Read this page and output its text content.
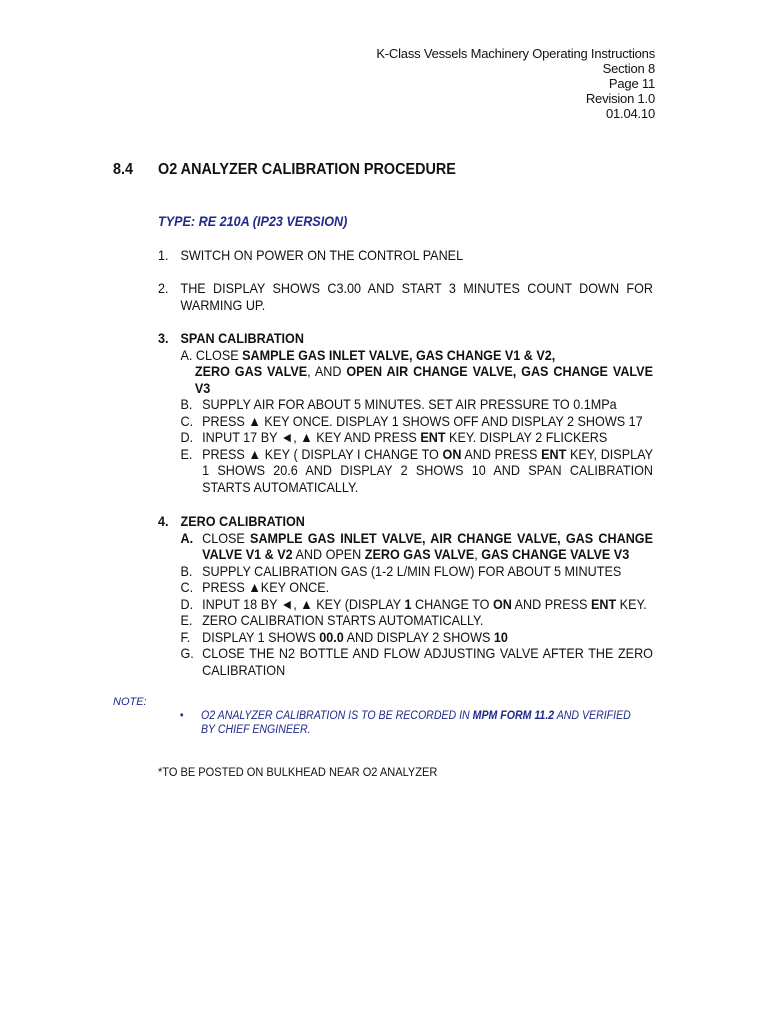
K-Class Vessels Machinery Operating Instructions
Section 8
Page 11
Revision 1.0
01.04.10
8.4 O2 ANALYZER CALIBRATION PROCEDURE
TYPE: RE 210A (IP23 VERSION)
1. SWITCH ON POWER ON THE CONTROL PANEL
2. THE DISPLAY SHOWS C3.00 AND START 3 MINUTES COUNT DOWN FOR WARMING UP.
3. SPAN CALIBRATION
A. CLOSE SAMPLE GAS INLET VALVE, GAS CHANGE V1 & V2,
ZERO GAS VALVE, AND OPEN AIR CHANGE VALVE, GAS CHANGE VALVE V3
B. SUPPLY AIR FOR ABOUT 5 MINUTES. SET AIR PRESSURE TO 0.1MPa
C. PRESS ▲ KEY ONCE. DISPLAY 1 SHOWS OFF AND DISPLAY 2 SHOWS 17
D. INPUT 17 BY ◄, ▲ KEY AND PRESS ENT KEY. DISPLAY 2 FLICKERS
E. PRESS ▲ KEY ( DISPLAY I CHANGE TO ON AND PRESS ENT KEY, DISPLAY 1 SHOWS 20.6 AND DISPLAY 2 SHOWS 10 AND SPAN CALIBRATION STARTS AUTOMATICALLY.
4. ZERO CALIBRATION
A. CLOSE SAMPLE GAS INLET VALVE, AIR CHANGE VALVE, GAS CHANGE VALVE V1 & V2 AND OPEN ZERO GAS VALVE, GAS CHANGE VALVE V3
B. SUPPLY CALIBRATION GAS (1-2 L/MIN FLOW) FOR ABOUT 5 MINUTES
C. PRESS ▲KEY ONCE.
D. INPUT 18 BY ◄, ▲ KEY (DISPLAY 1 CHANGE TO ON AND PRESS ENT KEY.
E. ZERO CALIBRATION STARTS AUTOMATICALLY.
F. DISPLAY 1 SHOWS 00.0 AND DISPLAY 2 SHOWS 10
G. CLOSE THE N2 BOTTLE AND FLOW ADJUSTING VALVE AFTER THE ZERO CALIBRATION
NOTE:
• O2 ANALYZER CALIBRATION IS TO BE RECORDED IN MPM FORM 11.2 AND VERIFIED BY CHIEF ENGINEER.
*TO BE POSTED ON BULKHEAD NEAR O2 ANALYZER
